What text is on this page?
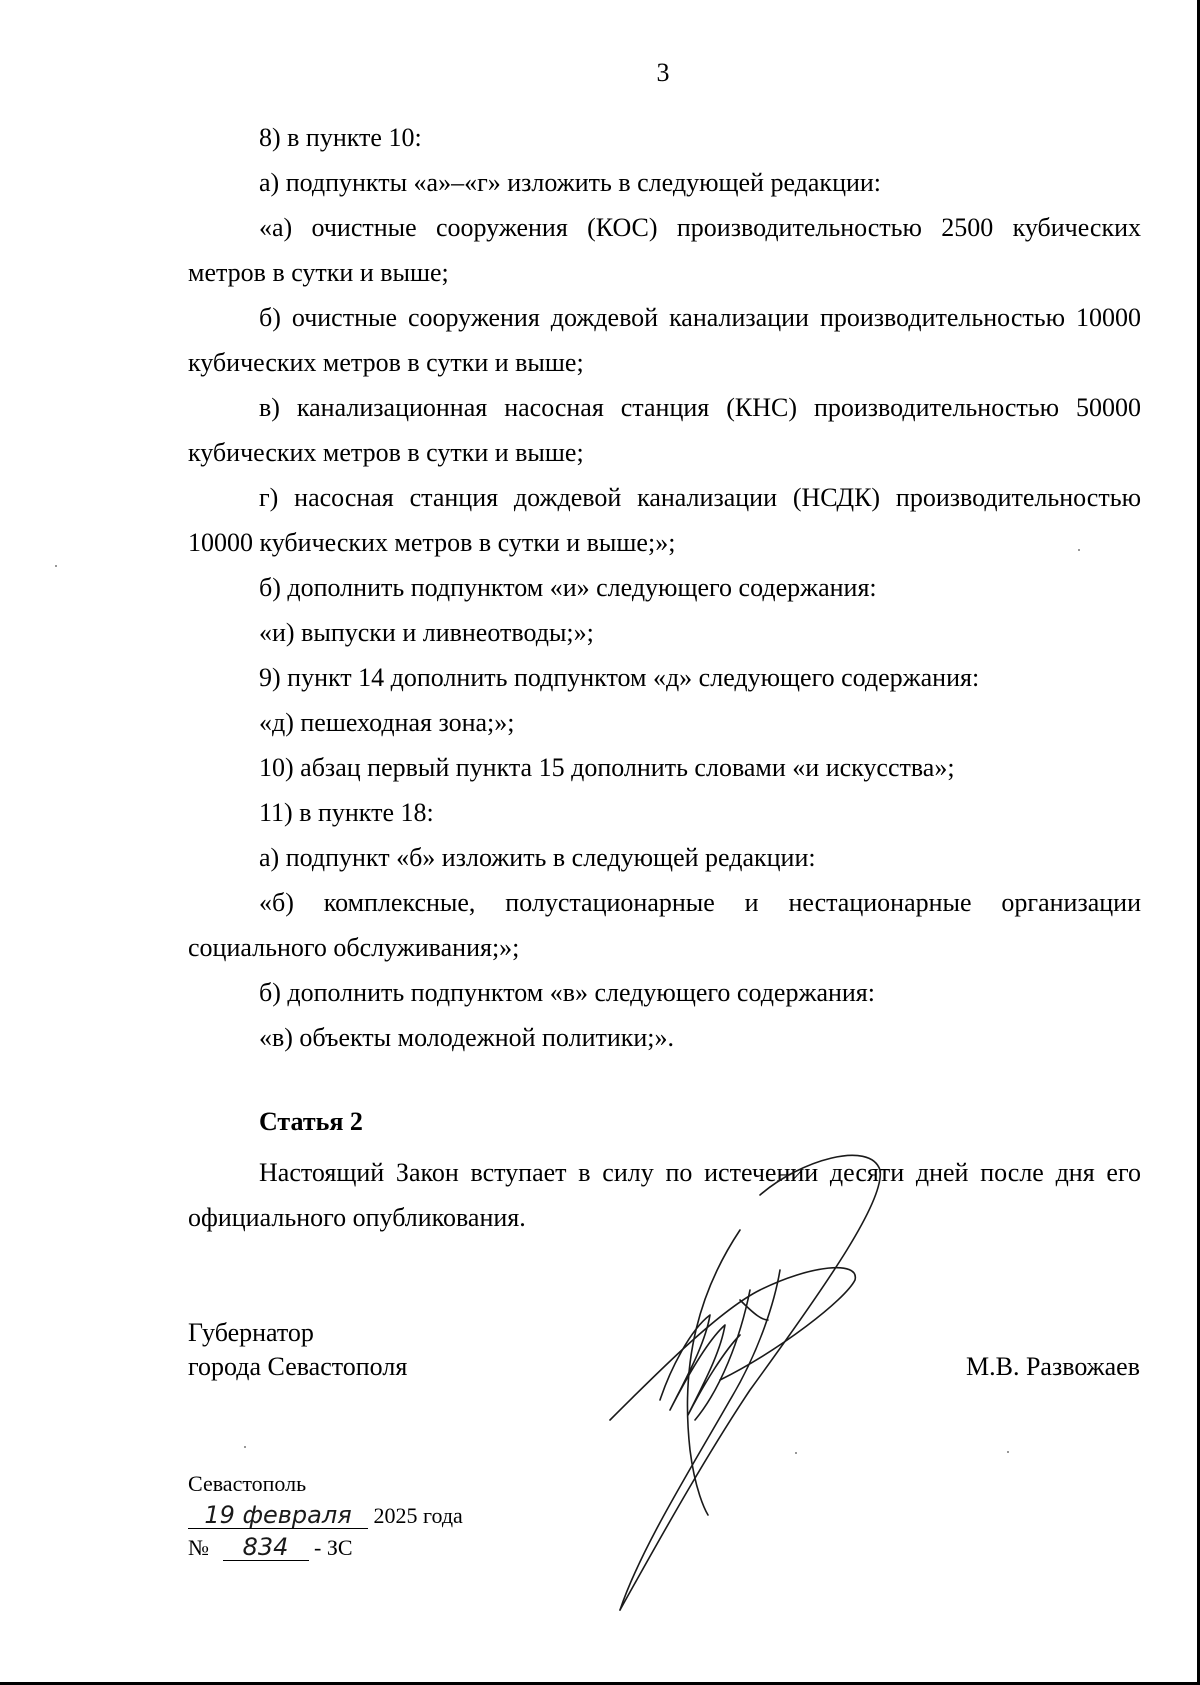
3

8) в пункте 10:

а) подпункты «а»–«г» изложить в следующей редакции:

«а) очистные сооружения (КОС) производительностью 2500 кубических метров в сутки и выше;

б) очистные сооружения дождевой канализации производительностью 10000 кубических метров в сутки и выше;

в) канализационная насосная станция (КНС) производительностью 50000 кубических метров в сутки и выше;

г) насосная станция дождевой канализации (НСДК) производительностью 10000 кубических метров в сутки и выше;»;

б) дополнить подпунктом «и» следующего содержания:

«и) выпуски и ливнеотводы;»;

9) пункт 14 дополнить подпунктом «д» следующего содержания:

«д) пешеходная зона;»;

10) абзац первый пункта 15 дополнить словами «и искусства»;

11) в пункте 18:

а) подпункт «б» изложить в следующей редакции:

«б) комплексные, полустационарные и нестационарные организации социального обслуживания;»;

б) дополнить подпунктом «в» следующего содержания:

«в) объекты молодежной политики;».

Статья 2

Настоящий Закон вступает в силу по истечении десяти дней после дня его официального опубликования.

Губернатор
города Севастополя	М.В. Развожаев
Севастополь
19 февраля 2025 года
№ 834 - ЗС
